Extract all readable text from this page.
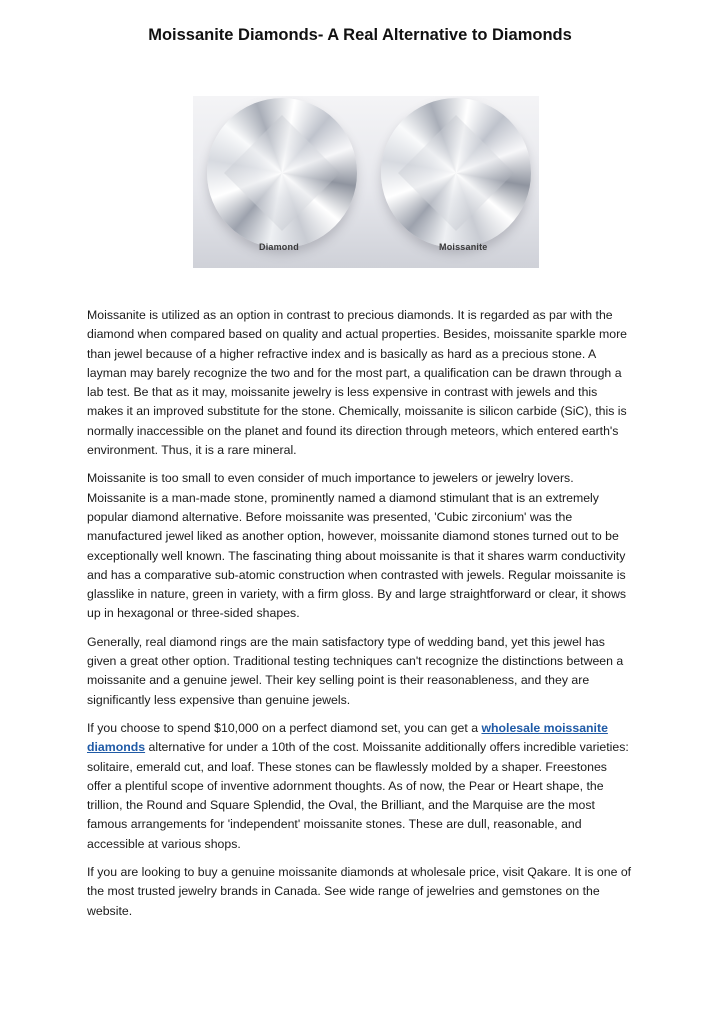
Moissanite Diamonds- A Real Alternative to Diamonds
Diamond	Moissanite

Moissanite is utilized as an option in contrast to precious diamonds. It is regarded as par with the diamond when compared based on quality and actual properties. Besides, moissanite sparkle more than jewel because of a higher refractive index and is basically as hard as a precious stone. A layman may barely recognize the two and for the most part, a qualification can be drawn through a lab test. Be that as it may, moissanite jewelry is less expensive in contrast with jewels and this makes it an improved substitute for the stone. Chemically, moissanite is silicon carbide (SiC), this is normally inaccessible on the planet and found its direction through meteors, which entered earth's environment. Thus, it is a rare mineral.

Moissanite is too small to even consider of much importance to jewelers or jewelry lovers. Moissanite is a man-made stone, prominently named a diamond stimulant that is an extremely popular diamond alternative. Before moissanite was presented, 'Cubic zirconium' was the manufactured jewel liked as another option, however, moissanite diamond stones turned out to be exceptionally well known. The fascinating thing about moissanite is that it shares warm conductivity and has a comparative sub-atomic construction when contrasted with jewels. Regular moissanite is glasslike in nature, green in variety, with a firm gloss. By and large straightforward or clear, it shows up in hexagonal or three-sided shapes.

Generally, real diamond rings are the main satisfactory type of wedding band, yet this jewel has given a great other option. Traditional testing techniques can't recognize the distinctions between a moissanite and a genuine jewel. Their key selling point is their reasonableness, and they are significantly less expensive than genuine jewels.

If you choose to spend $10,000 on a perfect diamond set, you can get a wholesale moissanite diamonds alternative for under a 10th of the cost. Moissanite additionally offers incredible varieties: solitaire, emerald cut, and loaf. These stones can be flawlessly molded by a shaper. Freestones offer a plentiful scope of inventive adornment thoughts. As of now, the Pear or Heart shape, the trillion, the Round and Square Splendid, the Oval, the Brilliant, and the Marquise are the most famous arrangements for 'independent' moissanite stones. These are dull, reasonable, and accessible at various shops.

If you are looking to buy a genuine moissanite diamonds at wholesale price, visit Qakare. It is one of the most trusted jewelry brands in Canada. See wide range of jewelries and gemstones on the website.
